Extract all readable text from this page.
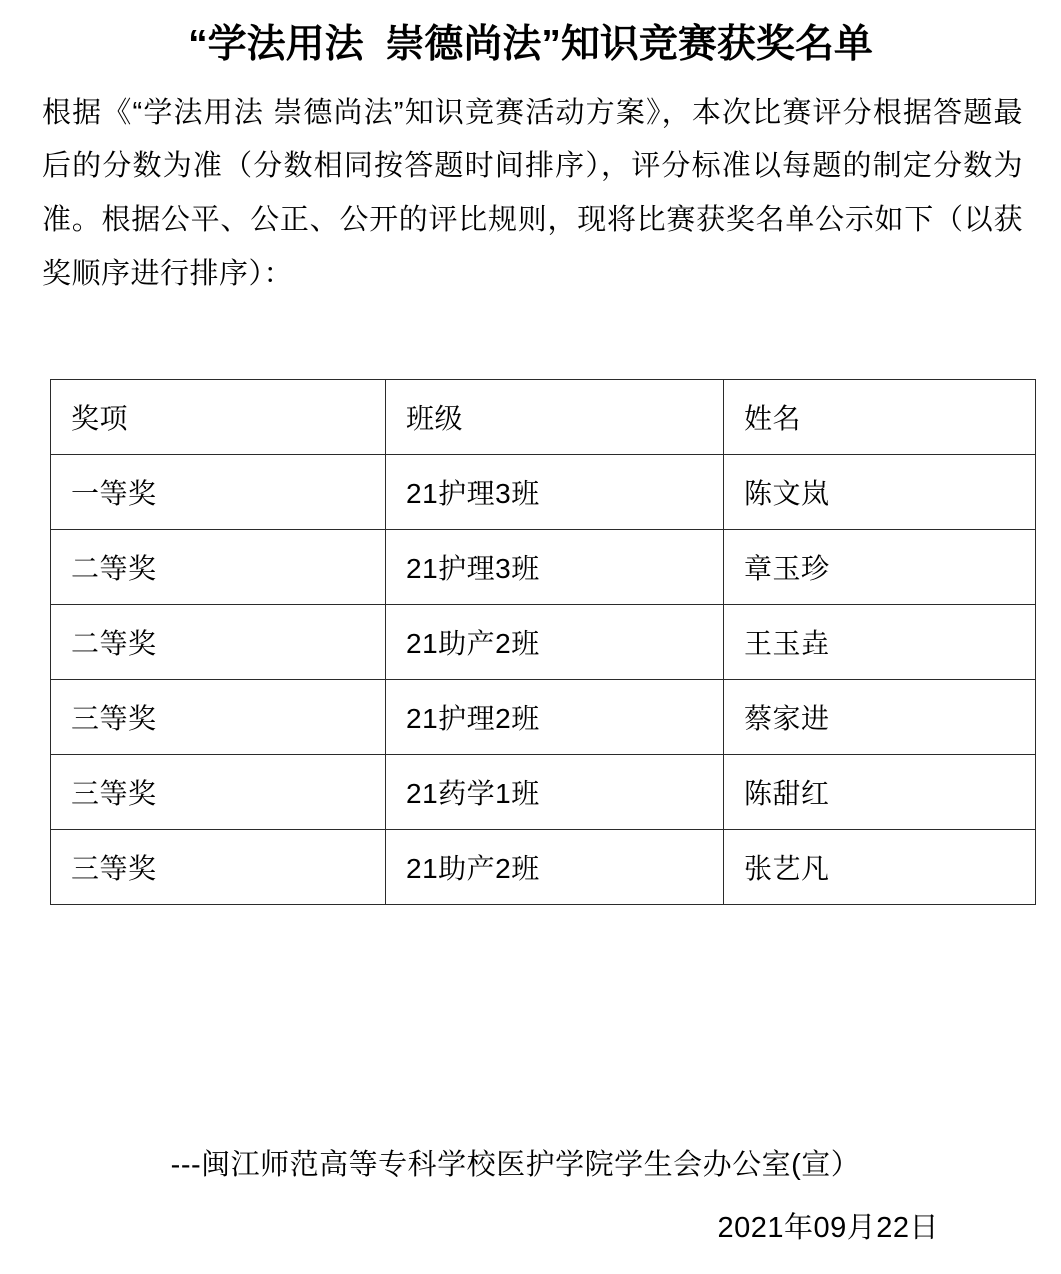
“学法用法  崇德尚法”知识竞赛获奖名单
根据《“学法用法 崇德尚法”知识竞赛活动方案》，本次比赛评分根据答题最后的分数为准（分数相同按答题时间排序），评分标准以每题的制定分数为准。根据公平、公正、公开的评比规则，现将比赛获奖名单公示如下（以获奖顺序进行排序）：
奖项	班级	姓名
一等奖	21护理3班	陈文岚
二等奖	21护理3班	章玉珍
二等奖	21助产2班	王玉垚
三等奖	21护理2班	蔡家进
三等奖	21药学1班	陈甜红
三等奖	21助产2班	张艺凡
---闽江师范高等专科学校医护学院学生会办公室(宣）
2021年09月22日
